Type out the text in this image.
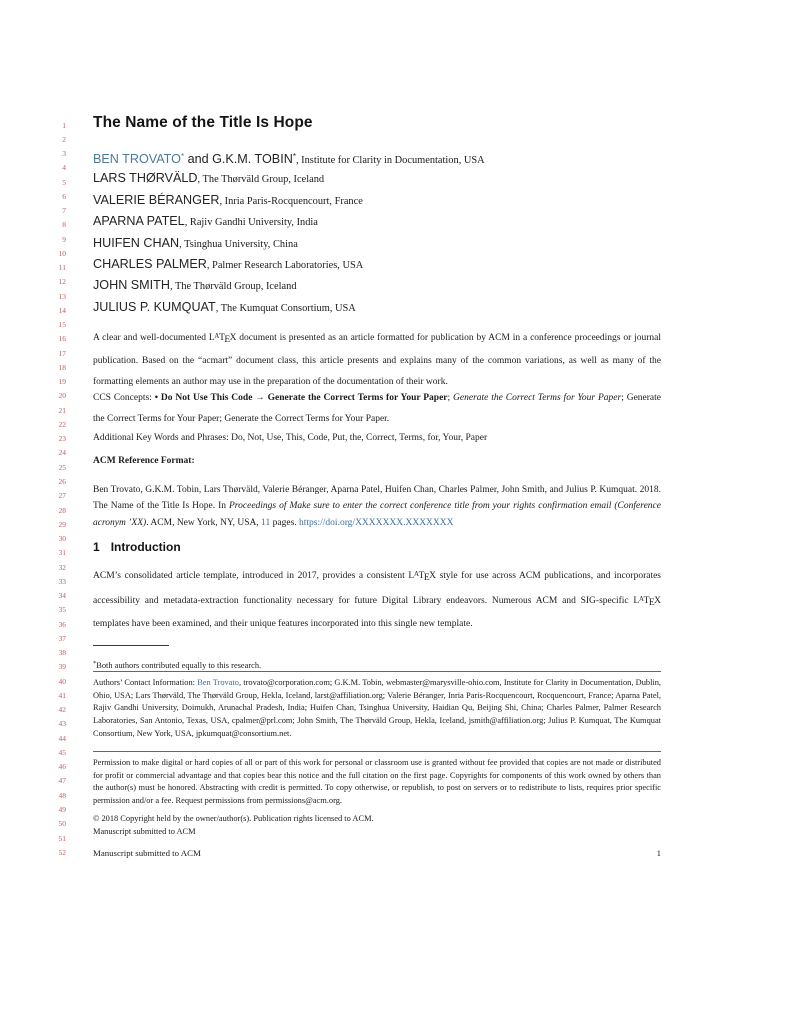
1
2
3
4
5
6
7
8
9
10
11
12
13
14
15
16
17
18
19
20
21
22
23
24
25
26
27
28
29
30
31
32
33
34
35
36
37
38
39
40
41
42
43
44
45
46
47
48
49
50
51
52
The Name of the Title Is Hope
BEN TROVATO* and G.K.M. TOBIN*, Institute for Clarity in Documentation, USA
LARS THØRVÄLD, The Thørväld Group, Iceland
VALERIE BÉRANGER, Inria Paris-Rocquencourt, France
APARNA PATEL, Rajiv Gandhi University, India
HUIFEN CHAN, Tsinghua University, China
CHARLES PALMER, Palmer Research Laboratories, USA
JOHN SMITH, The Thørväld Group, Iceland
JULIUS P. KUMQUAT, The Kumquat Consortium, USA

A clear and well-documented $L^ATEX$ document is presented as an article formatted for publication by ACM in a conference proceedings or journal publication. Based on the “acmart” document class, this article presents and explains many of the common variations, as well as many of the formatting elements an author may use in the preparation of the documentation of their work.

CCS Concepts: • Do Not Use This Code → Generate the Correct Terms for Your Paper; Generate the Correct Terms for Your Paper; Generate the Correct Terms for Your Paper; Generate the Correct Terms for Your Paper.

Additional Key Words and Phrases: Do, Not, Use, This, Code, Put, the, Correct, Terms, for, Your, Paper

ACM Reference Format:

Ben Trovato, G.K.M. Tobin, Lars Thørväld, Valerie Béranger, Aparna Patel, Huifen Chan, Charles Palmer, John Smith, and Julius P. Kumquat. 2018. The Name of the Title Is Hope. In Proceedings of Make sure to enter the correct conference title from your rights confirmation email (Conference acronym ’XX). ACM, New York, NY, USA, 11 pages. https://doi.org/XXXXXXX.XXXXXXX

1 Introduction

ACM’s consolidated article template, introduced in 2017, provides a consistent $L^ATEX$ style for use across ACM publications, and incorporates accessibility and metadata-extraction functionality necessary for future Digital Library endeavors. Numerous ACM and SIG-specific $L^ATEX$ templates have been examined, and their unique features incorporated into this single new template.

*Both authors contributed equally to this research.

Authors’ Contact Information: Ben Trovato, trovato@corporation.com; G.K.M. Tobin, webmaster@marysville-ohio.com, Institute for Clarity in Documentation, Dublin, Ohio, USA; Lars Thørväld, The Thørväld Group, Hekla, Iceland, larst@affiliation.org; Valerie Béranger, Inria Paris-Rocquencourt, Rocquencourt, France; Aparna Patel, Rajiv Gandhi University, Doimukh, Arunachal Pradesh, India; Huifen Chan, Tsinghua University, Haidian Qu, Beijing Shi, China; Charles Palmer, Palmer Research Laboratories, San Antonio, Texas, USA, cpalmer@prl.com; John Smith, The Thørväld Group, Hekla, Iceland, jsmith@affiliation.org; Julius P. Kumquat, The Kumquat Consortium, New York, USA, jpkumquat@consortium.net.

Permission to make digital or hard copies of all or part of this work for personal or classroom use is granted without fee provided that copies are not made or distributed for profit or commercial advantage and that copies bear this notice and the full citation on the first page. Copyrights for components of this work owned by others than the author(s) must be honored. Abstracting with credit is permitted. To copy otherwise, or republish, to post on servers or to redistribute to lists, requires prior specific permission and/or a fee. Request permissions from permissions@acm.org.

© 2018 Copyright held by the owner/author(s). Publication rights licensed to ACM.
Manuscript submitted to ACM
Manuscript submitted to ACM	1
